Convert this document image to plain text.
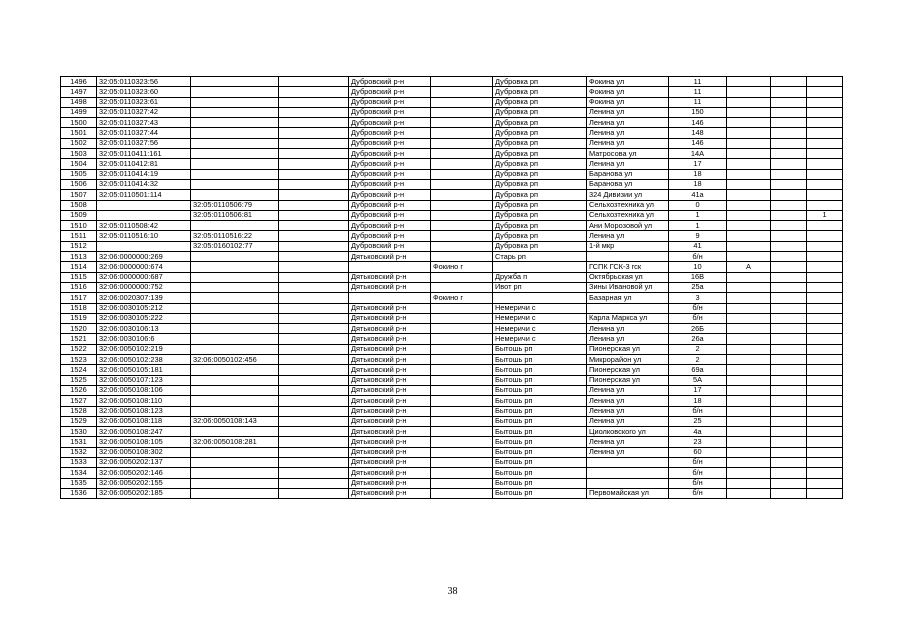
1496	32:05:0110323:56			Дубровский р-н		Дубровка рп	Фокина ул	11			
1497	32:05:0110323:60			Дубровский р-н		Дубровка рп	Фокина ул	11			
1498	32:05:0110323:61			Дубровский р-н		Дубровка рп	Фокина ул	11			
1499	32:05:0110327:42			Дубровский р-н		Дубровка рп	Ленина ул	150			
1500	32:05:0110327:43			Дубровский р-н		Дубровка рп	Ленина ул	146			
1501	32:05:0110327:44			Дубровский р-н		Дубровка рп	Ленина ул	148			
1502	32:05:0110327:56			Дубровский р-н		Дубровка рп	Ленина ул	146			
1503	32:05:0110411:161			Дубровский р-н		Дубровка рп	Матросова ул	14А			
1504	32:05:0110412:81			Дубровский р-н		Дубровка рп	Ленина ул	17			
1505	32:05:0110414:19			Дубровский р-н		Дубровка рп	Баранова ул	18			
1506	32:05:0110414:32			Дубровский р-н		Дубровка рп	Баранова ул	18			
1507	32:05:0110501:114			Дубровский р-н		Дубровка рп	324 Дивизии ул	41а			
1508		32:05:0110506:79		Дубровский р-н		Дубровка рп	Сельхозтехника ул	0			
1509		32:05:0110506:81		Дубровский р-н		Дубровка рп	Сельхозтехника ул	1			1
1510	32:05:0110508:42			Дубровский р-н		Дубровка рп	Ани Морозовой ул	1			
1511	32:05:0110516:10	32:05:0110516:22		Дубровский р-н		Дубровка рп	Ленина ул	9			
1512		32:05:0160102:77		Дубровский р-н		Дубровка рп	1-й мкр	41			
1513	32:06:0000000:269			Дятьковский р-н		Старь рп		б/н			
1514	32:06:0000000:674				Фокино г		ГСПК ГСК-3 гск	10	А		
1515	32:06:0000000:687			Дятьковский р-н		Дружба п	Октябрьская ул	16В			
1516	32:06:0000000:752			Дятьковский р-н		Ивот рп	Зины Ивановой ул	25а			
1517	32:06:0020307:139				Фокино г		Базарная ул	3			
1518	32:06:0030105:212			Дятьковский р-н		Немеричи с		б/н			
1519	32:06:0030105:222			Дятьковский р-н		Немеричи с	Карла Маркса ул	б/н			
1520	32:06:0030106:13			Дятьковский р-н		Немеричи с	Ленина ул	26Б			
1521	32:06:0030106:6			Дятьковский р-н		Немеричи с	Ленина ул	26а			
1522	32:06:0050102:219			Дятьковский р-н		Бытошь рп	Пионерская ул	2			
1523	32:06:0050102:238	32:06:0050102:456		Дятьковский р-н		Бытошь рп	Микрорайон ул	2			
1524	32:06:0050105:181			Дятьковский р-н		Бытошь рп	Пионерская ул	69а			
1525	32:06:0050107:123			Дятьковский р-н		Бытошь рп	Пионерская ул	5А			
1526	32:06:0050108:106			Дятьковский р-н		Бытошь рп	Ленина ул	17			
1527	32:06:0050108:110			Дятьковский р-н		Бытошь рп	Ленина ул	18			
1528	32:06:0050108:123			Дятьковский р-н		Бытошь рп	Ленина ул	б/н			
1529	32:06:0050108:118	32:06:0050108:143		Дятьковский р-н		Бытошь рп	Ленина ул	25			
1530	32:06:0050108:247			Дятьковский р-н		Бытошь рп	Циолковского ул	4а			
1531	32:06:0050108:105	32:06:0050108:281		Дятьковский р-н		Бытошь рп	Ленина ул	23			
1532	32:06:0050108:302			Дятьковский р-н		Бытошь рп	Ленина ул	60			
1533	32:06:0050202:137			Дятьковский р-н		Бытошь рп		б/н			
1534	32:06:0050202:146			Дятьковский р-н		Бытошь рп		б/н			
1535	32:06:0050202:155			Дятьковский р-н		Бытошь рп		б/н			
1536	32:06:0050202:185			Дятьковский р-н		Бытошь рп	Первомайская ул	б/н			
38
